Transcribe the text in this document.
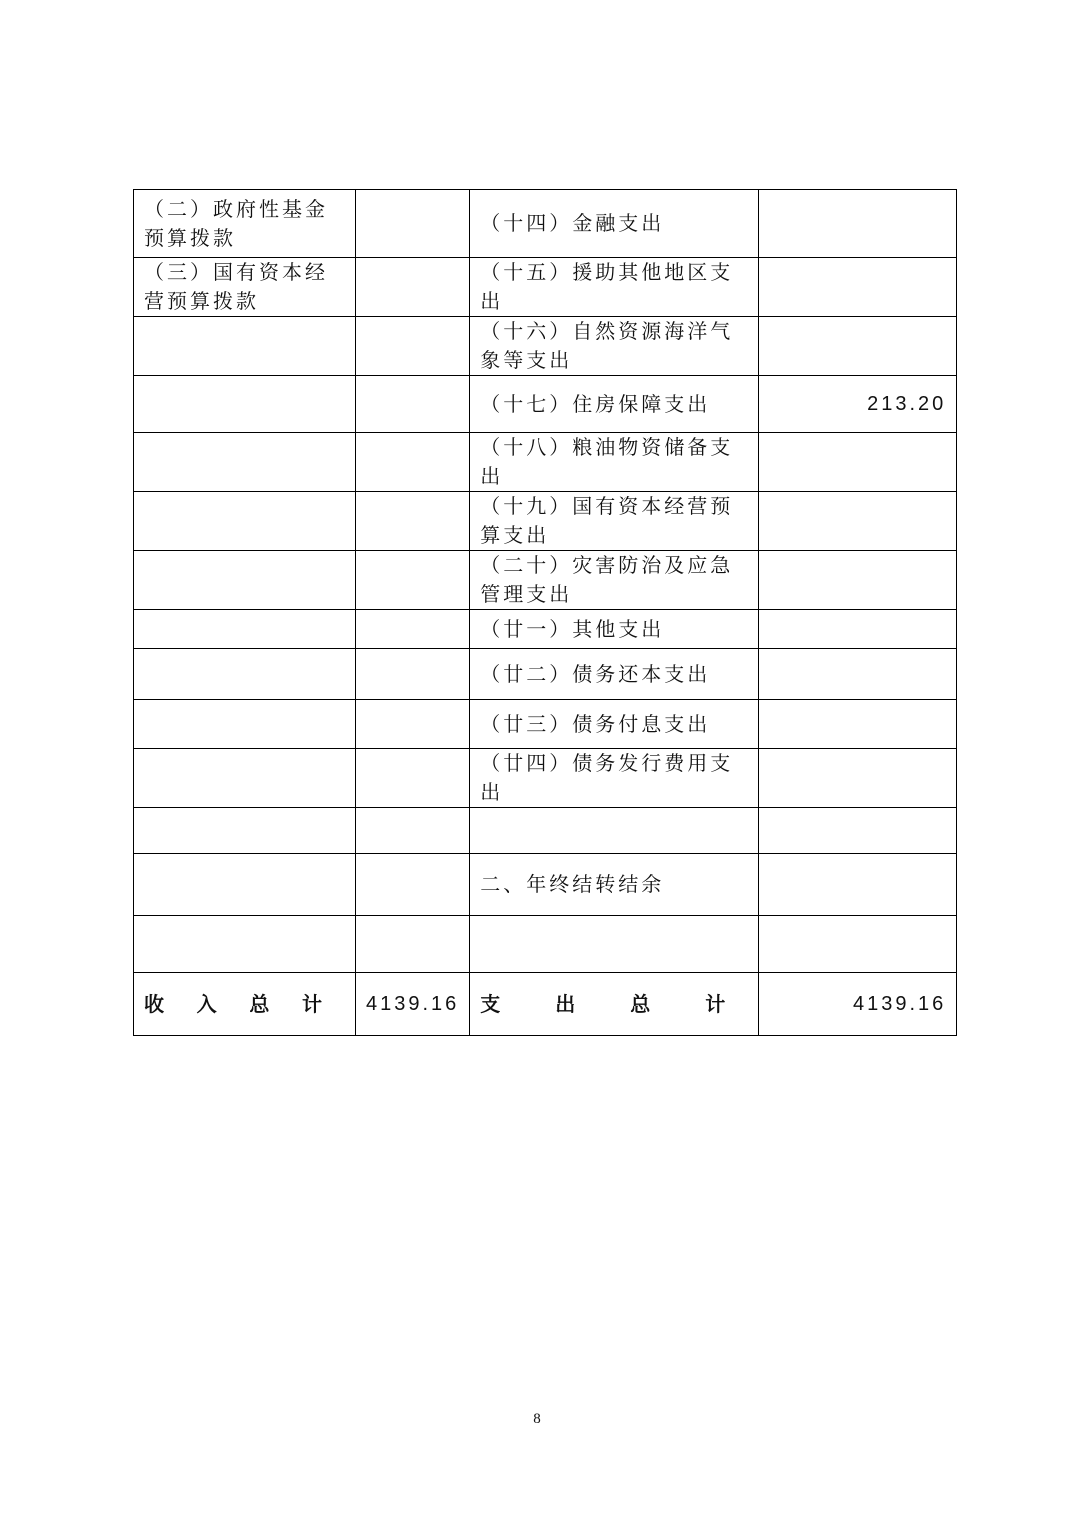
（二）政府性基金预算拨款		（十四）金融支出	
（三）国有资本经营预算拨款		（十五）援助其他地区支出	
		（十六）自然资源海洋气象等支出	
		（十七）住房保障支出	213.20
		（十八）粮油物资储备支出	
		（十九）国有资本经营预算支出	
		（二十）灾害防治及应急管理支出	
		（廿一）其他支出	
		（廿二）债务还本支出	
		（廿三）债务付息支出	
		（廿四）债务发行费用支出	

		二、年终结转结余	

收 入 总 计	4139.16	支 出 总 计	4139.16
8
